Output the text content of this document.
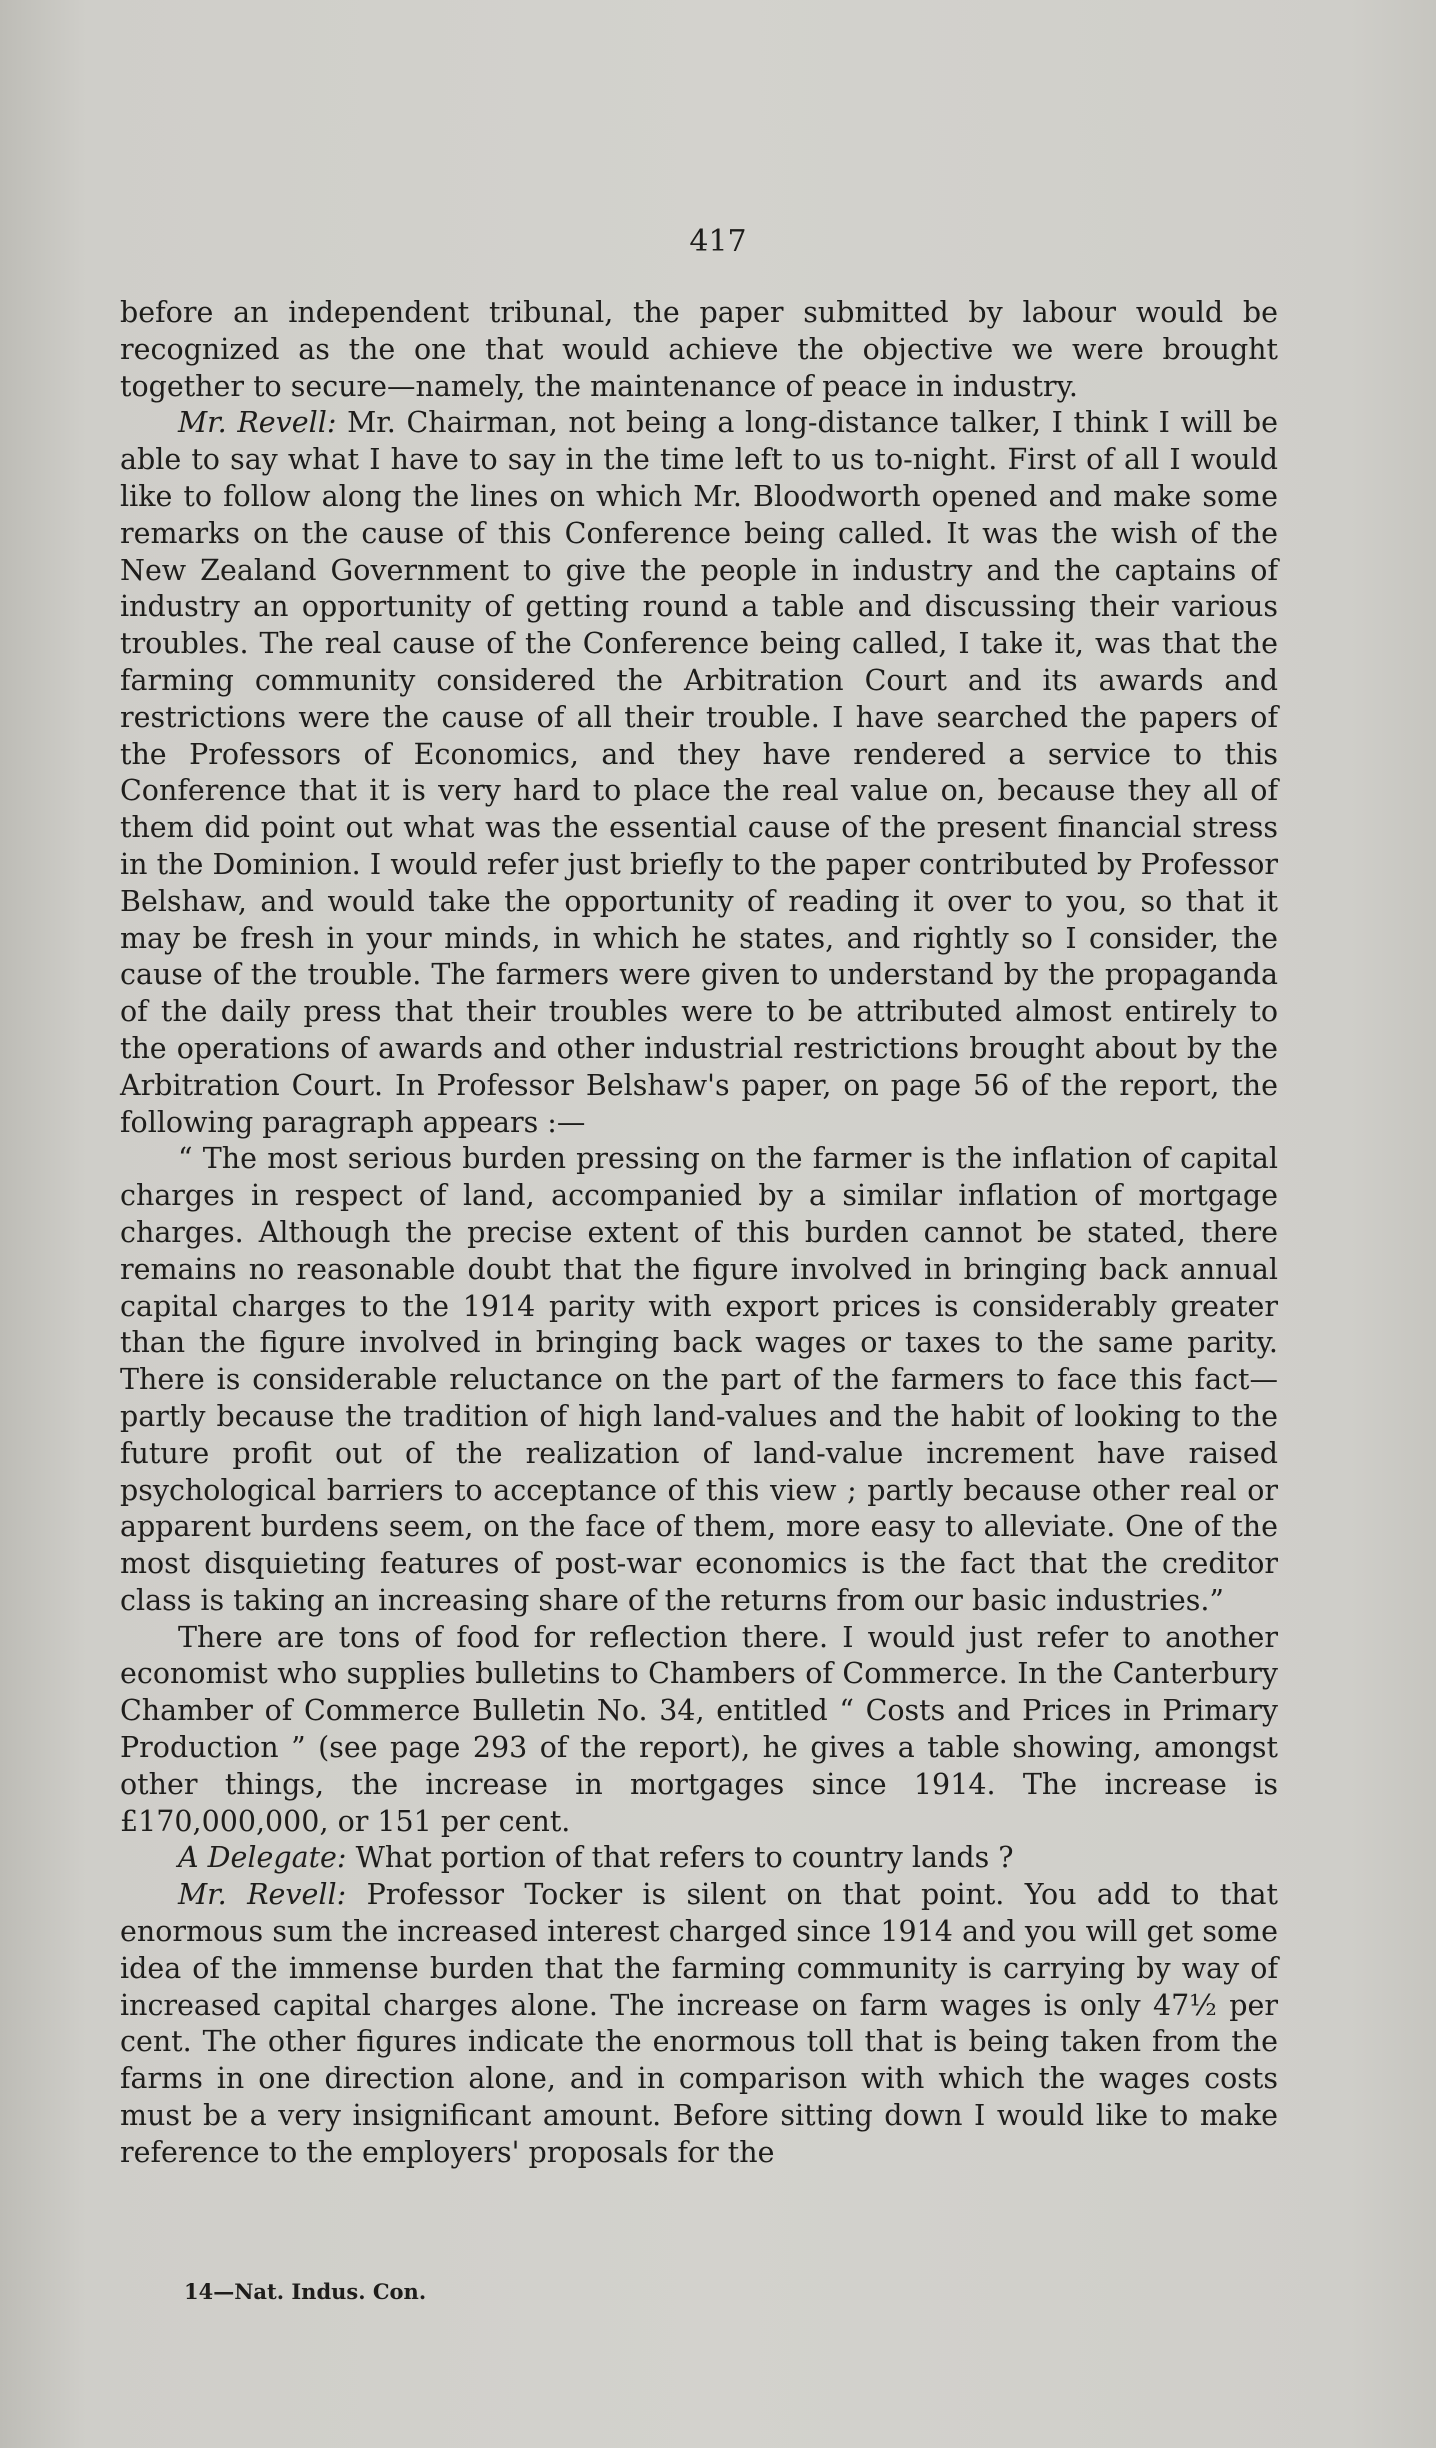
417

before an independent tribunal, the paper submitted by labour would be recognized as the one that would achieve the objective we were brought together to secure—namely, the maintenance of peace in industry.

Mr. Revell: Mr. Chairman, not being a long-distance talker, I think I will be able to say what I have to say in the time left to us to-night. First of all I would like to follow along the lines on which Mr. Bloodworth opened and make some remarks on the cause of this Conference being called. It was the wish of the New Zealand Government to give the people in industry and the captains of industry an opportunity of getting round a table and discussing their various troubles. The real cause of the Conference being called, I take it, was that the farming community considered the Arbitration Court and its awards and restrictions were the cause of all their trouble. I have searched the papers of the Professors of Economics, and they have rendered a service to this Conference that it is very hard to place the real value on, because they all of them did point out what was the essential cause of the present financial stress in the Dominion. I would refer just briefly to the paper contributed by Professor Belshaw, and would take the opportunity of reading it over to you, so that it may be fresh in your minds, in which he states, and rightly so I consider, the cause of the trouble. The farmers were given to understand by the propaganda of the daily press that their troubles were to be attributed almost entirely to the operations of awards and other industrial restrictions brought about by the Arbitration Court. In Professor Belshaw's paper, on page 56 of the report, the following paragraph appears :—

“ The most serious burden pressing on the farmer is the inflation of capital charges in respect of land, accompanied by a similar inflation of mortgage charges. Although the precise extent of this burden cannot be stated, there remains no reasonable doubt that the figure involved in bringing back annual capital charges to the 1914 parity with export prices is considerably greater than the figure involved in bringing back wages or taxes to the same parity. There is considerable reluctance on the part of the farmers to face this fact—partly because the tradition of high land-values and the habit of looking to the future profit out of the realization of land-value increment have raised psychological barriers to acceptance of this view ; partly because other real or apparent burdens seem, on the face of them, more easy to alleviate. One of the most disquieting features of post-war economics is the fact that the creditor class is taking an increasing share of the returns from our basic industries.”

There are tons of food for reflection there. I would just refer to another economist who supplies bulletins to Chambers of Commerce. In the Canterbury Chamber of Commerce Bulletin No. 34, entitled “ Costs and Prices in Primary Production ” (see page 293 of the report), he gives a table showing, amongst other things, the increase in mortgages since 1914. The increase is £170,000,000, or 151 per cent.

A Delegate: What portion of that refers to country lands ?

Mr. Revell: Professor Tocker is silent on that point. You add to that enormous sum the increased interest charged since 1914 and you will get some idea of the immense burden that the farming community is carrying by way of increased capital charges alone. The increase on farm wages is only 47½ per cent. The other figures indicate the enormous toll that is being taken from the farms in one direction alone, and in comparison with which the wages costs must be a very insignificant amount. Before sitting down I would like to make reference to the employers' proposals for the

14—Nat. Indus. Con.
